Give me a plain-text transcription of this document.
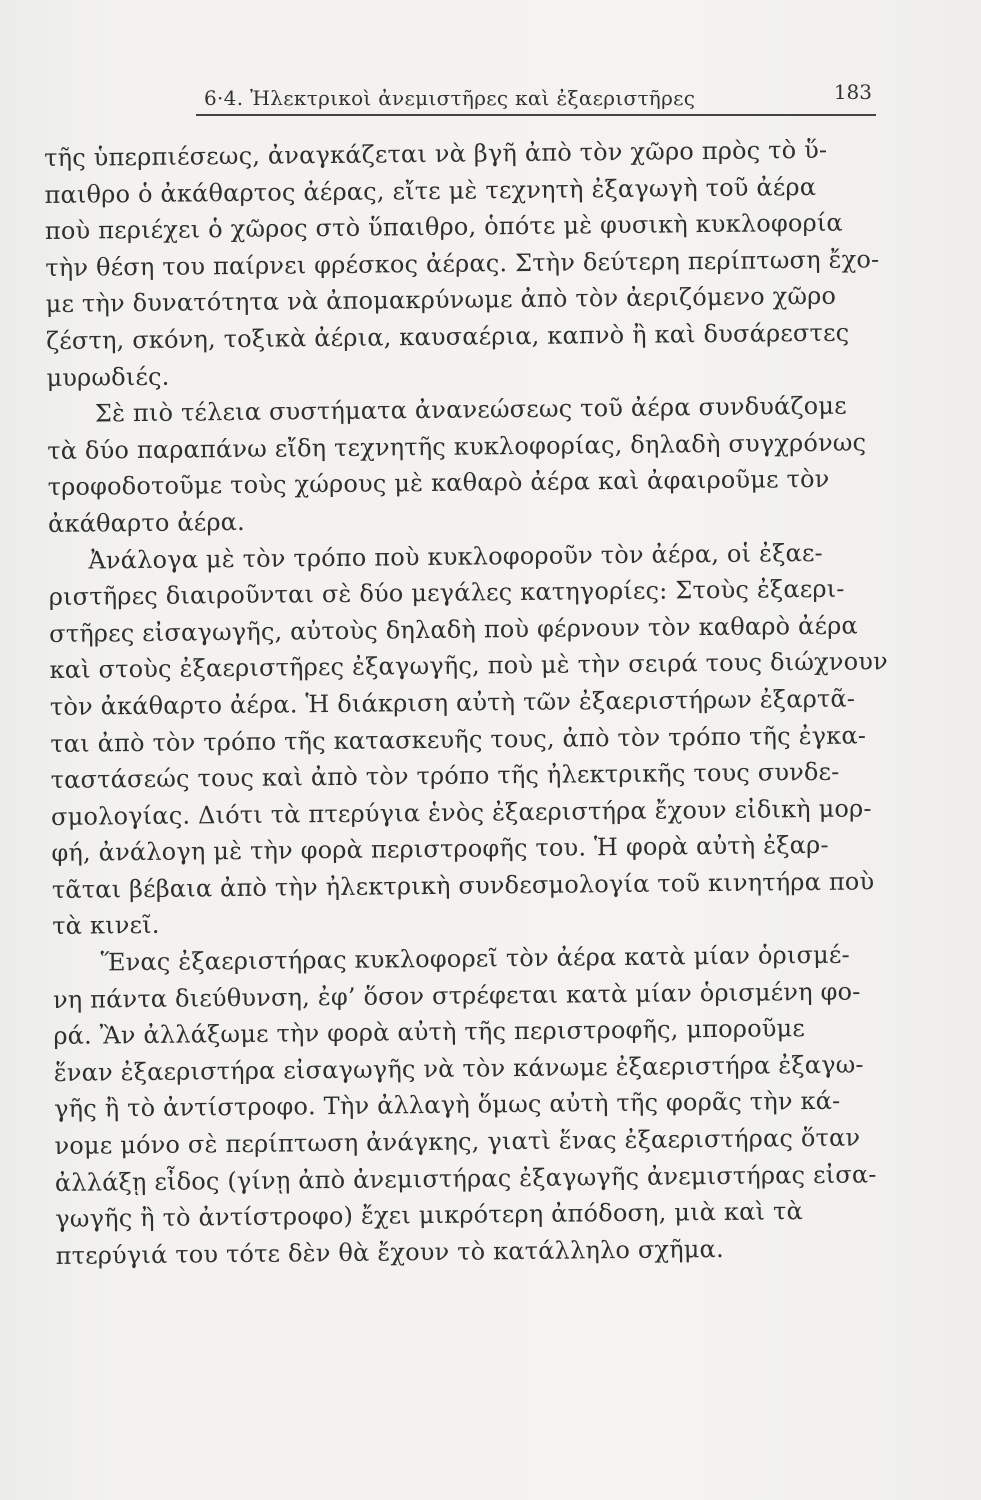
6·4. Ἠλεκτρικοὶ ἀνεμιστῆρες καὶ ἐξαεριστῆρες	183
τῆς ὑπερπιέσεως, ἀναγκάζεται νὰ βγῆ ἀπὸ τὸν χῶρο πρὸς τὸ ὕ-
παιθρο ὁ ἀκάθαρτος ἀέρας, εἴτε μὲ τεχνητὴ ἐξαγωγὴ τοῦ ἀέρα
ποὺ περιέχει ὁ χῶρος στὸ ὕπαιθρο, ὁπότε μὲ φυσικὴ κυκλοφορία
τὴν θέση του παίρνει φρέσκος ἀέρας. Στὴν δεύτερη περίπτωση ἔχο-
με τὴν δυνατότητα νὰ ἀπομακρύνωμε ἀπὸ τὸν ἀεριζόμενο χῶρο
ζέστη, σκόνη, τοξικὰ ἀέρια, καυσαέρια, καπνὸ ἢ καὶ δυσάρεστες
μυρωδιές.
Σὲ πιὸ τέλεια συστήματα ἀνανεώσεως τοῦ ἀέρα συνδυάζομε
τὰ δύο παραπάνω εἴδη τεχνητῆς κυκλοφορίας, δηλαδὴ συγχρόνως
τροφοδοτοῦμε τοὺς χώρους μὲ καθαρὸ ἀέρα καὶ ἀφαιροῦμε τὸν
ἀκάθαρτο ἀέρα.
Ἀνάλογα μὲ τὸν τρόπο ποὺ κυκλοφοροῦν τὸν ἀέρα, οἱ ἐξαε-
ριστῆρες διαιροῦνται σὲ δύο μεγάλες κατηγορίες: Στοὺς ἐξαερι-
στῆρες εἰσαγωγῆς, αὐτοὺς δηλαδὴ ποὺ φέρνουν τὸν καθαρὸ ἀέρα
καὶ στοὺς ἐξαεριστῆρες ἐξαγωγῆς, ποὺ μὲ τὴν σειρά τους διώχνουν
τὸν ἀκάθαρτο ἀέρα. Ἡ διάκριση αὐτὴ τῶν ἐξαεριστήρων ἐξαρτᾶ-
ται ἀπὸ τὸν τρόπο τῆς κατασκευῆς τους, ἀπὸ τὸν τρόπο τῆς ἐγκα-
ταστάσεώς τους καὶ ἀπὸ τὸν τρόπο τῆς ἠλεκτρικῆς τους συνδε-
σμολογίας. Διότι τὰ πτερύγια ἑνὸς ἐξαεριστήρα ἔχουν εἰδικὴ μορ-
φή, ἀνάλογη μὲ τὴν φορὰ περιστροφῆς του. Ἡ φορὰ αὐτὴ ἐξαρ-
τᾶται βέβαια ἀπὸ τὴν ἠλεκτρικὴ συνδεσμολογία τοῦ κινητήρα ποὺ
τὰ κινεῖ.
Ἕνας ἐξαεριστήρας κυκλοφορεῖ τὸν ἀέρα κατὰ μίαν ὁρισμέ-
νη πάντα διεύθυνση, ἐφ’ ὅσον στρέφεται κατὰ μίαν ὁρισμένη φο-
ρά. Ἂν ἀλλάξωμε τὴν φορὰ αὐτὴ τῆς περιστροφῆς, μποροῦμε
ἕναν ἐξαεριστήρα εἰσαγωγῆς νὰ τὸν κάνωμε ἐξαεριστήρα ἐξαγω-
γῆς ἢ τὸ ἀντίστροφο. Τὴν ἀλλαγὴ ὅμως αὐτὴ τῆς φορᾶς τὴν κά-
νομε μόνο σὲ περίπτωση ἀνάγκης, γιατὶ ἕνας ἐξαεριστήρας ὅταν
ἀλλάξῃ εἶδος (γίνῃ ἀπὸ ἀνεμιστήρας ἐξαγωγῆς ἀνεμιστήρας εἰσα-
γωγῆς ἢ τὸ ἀντίστροφο) ἔχει μικρότερη ἀπόδοση, μιὰ καὶ τὰ
πτερύγιά του τότε δὲν θὰ ἔχουν τὸ κατάλληλο σχῆμα.
